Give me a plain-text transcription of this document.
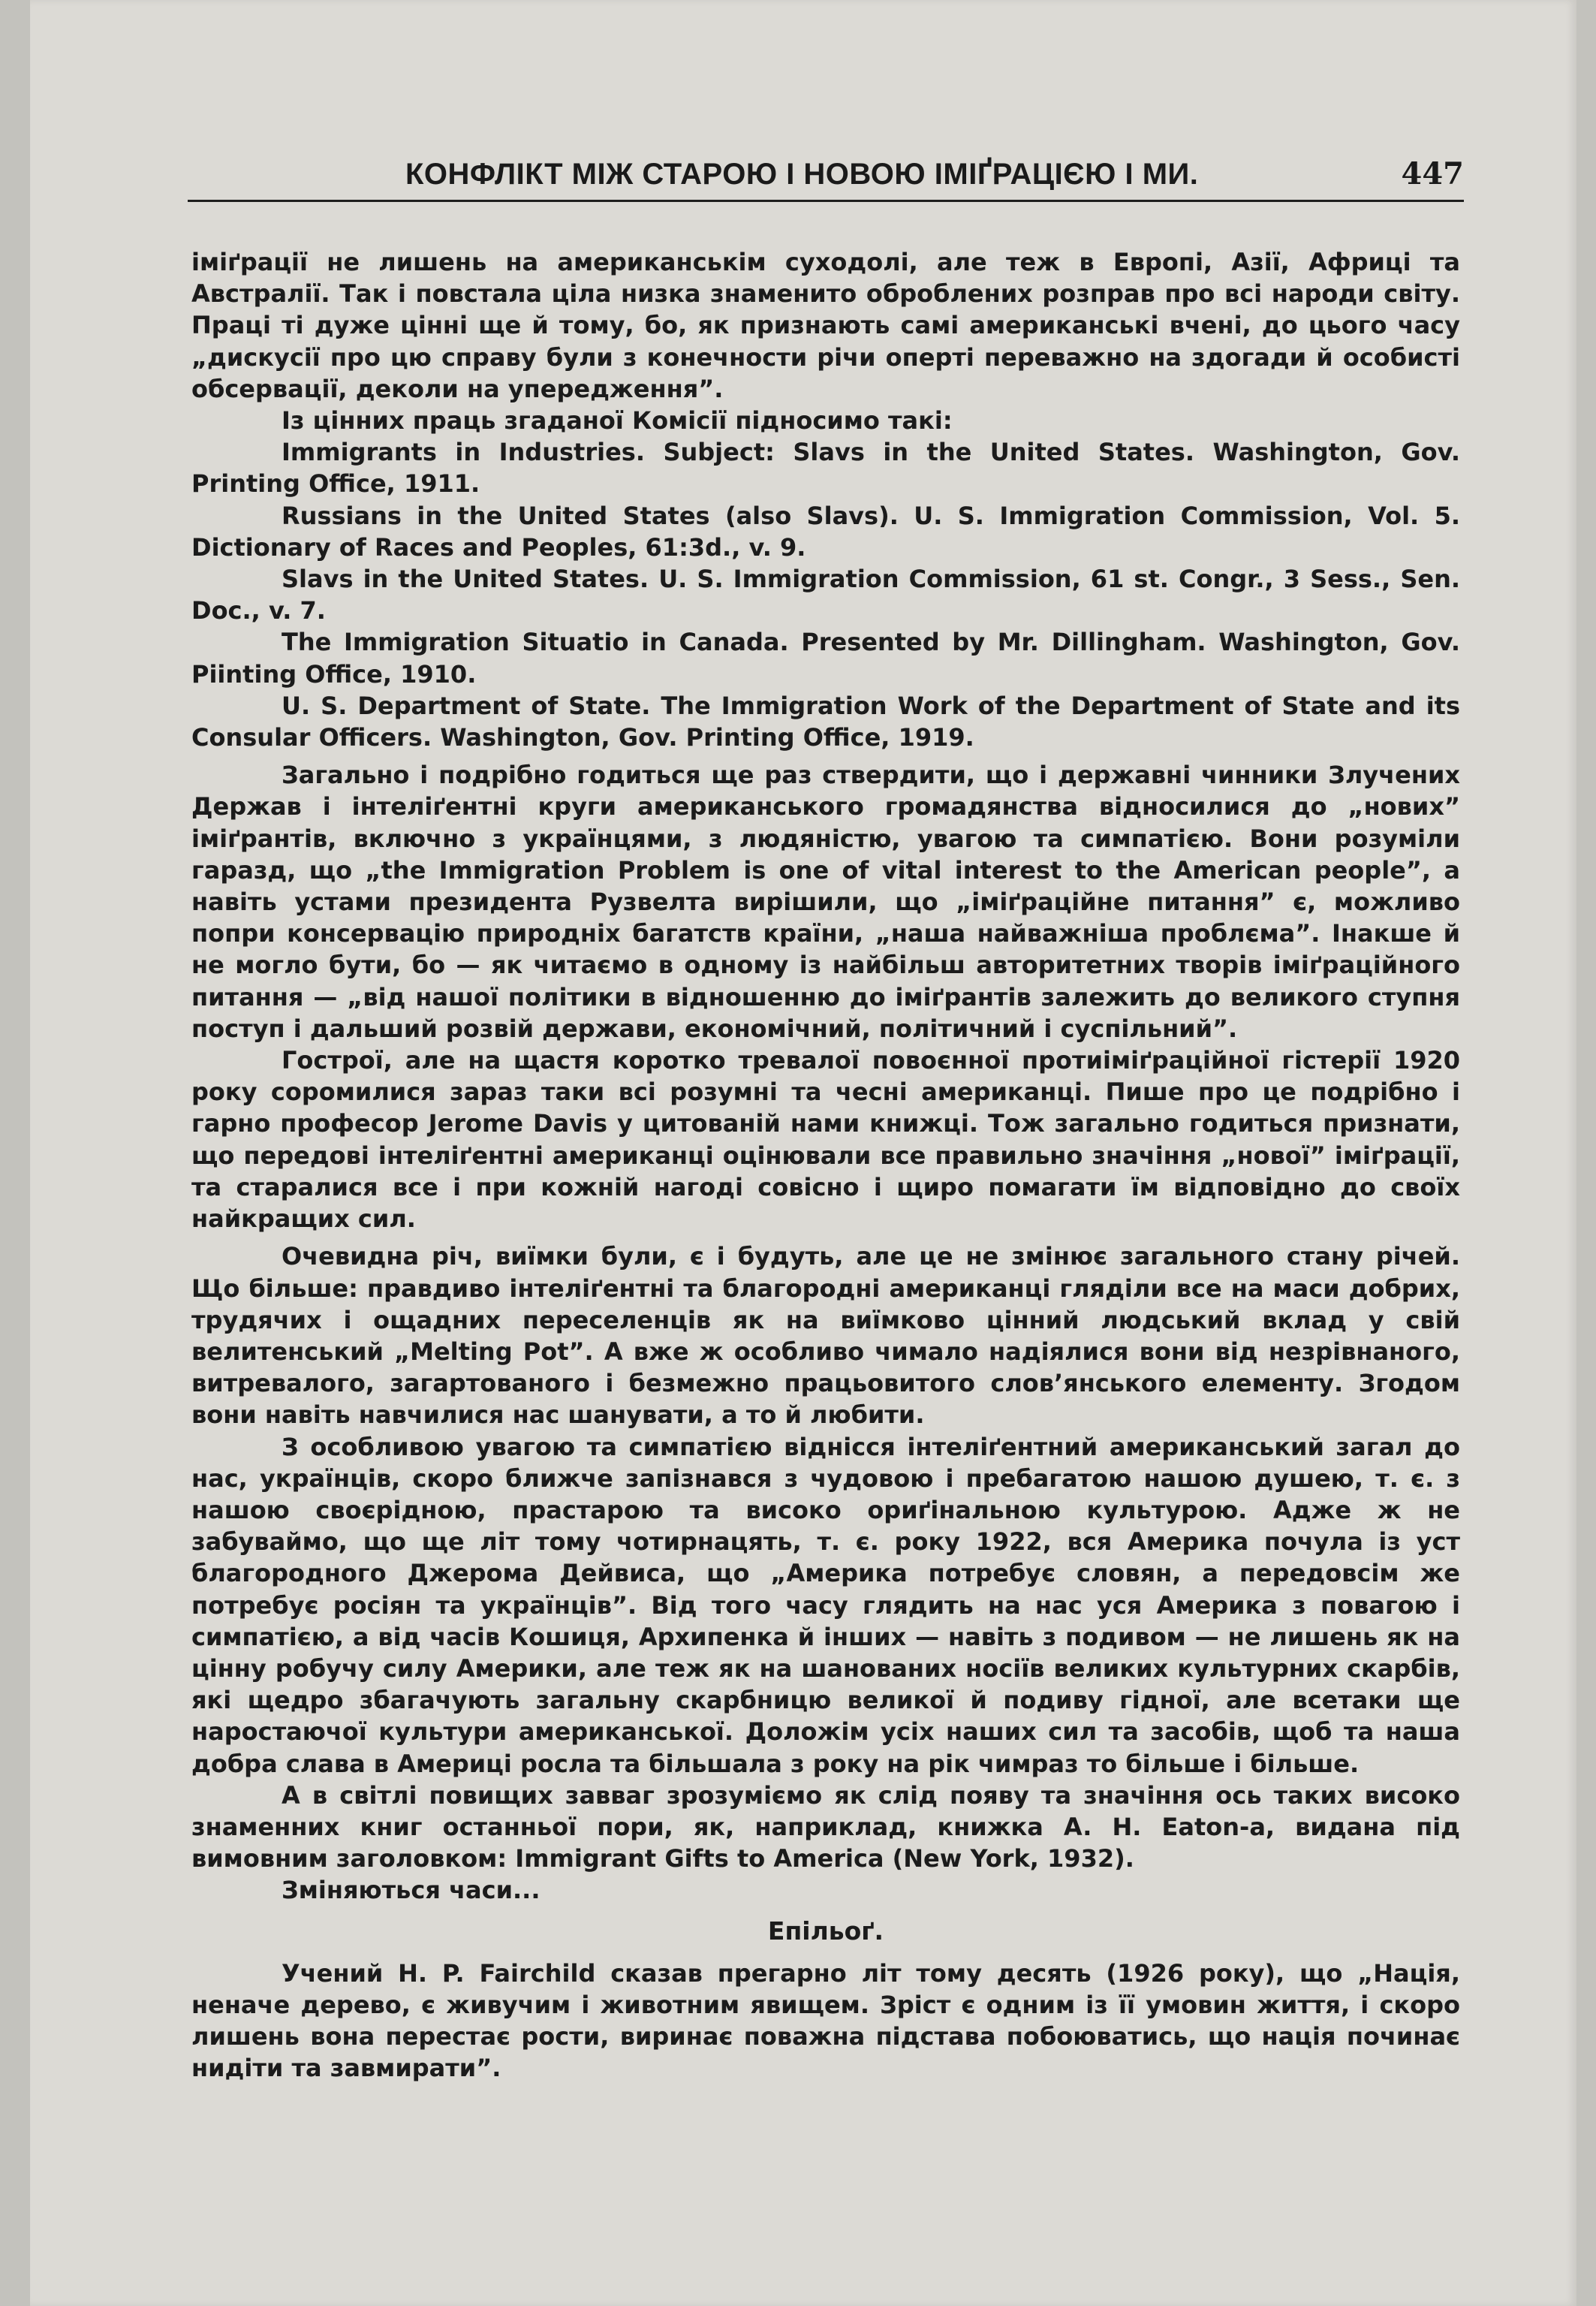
КОНФЛІКТ МІЖ СТАРОЮ І НОВОЮ ІМІҐРАЦІЄЮ І МИ.	447

іміґрації не лишень на американськім суходолі, але теж в Европі, Азії, Африці та Австралії. Так і повстала ціла низка знаменито оброблених розправ про всі народи світу. Праці ті дуже цінні ще й тому, бо, як признають самі американські вчені, до цього часу „дискусії про цю справу були з конечности річи оперті переважно на здогади й особисті обсервації, деколи на упередження”.

Із цінних праць згаданої Комісії підносимо такі:

Immigrants in Industries. Subject: Slavs in the United States. Washington, Gov. Printing Office, 1911.

Russians in the United States (also Slavs). U. S. Immigration Commission, Vol. 5. Dictionary of Races and Peoples, 61:3d., v. 9.

Slavs in the United States. U. S. Immigration Commission, 61 st. Congr., 3 Sess., Sen. Doc., v. 7.

The Immigration Situatio in Canada. Presented by Mr. Dillingham. Washington, Gov. Piinting Office, 1910.

U. S. Department of State. The Immigration Work of the Department of State and its Consular Officers. Washington, Gov. Printing Office, 1919.

Загально і подрібно годиться ще раз ствердити, що і державні чинники Злучених Держав і інтеліґентні круги американського громадянства відносилися до „нових” іміґрантів, включно з українцями, з людяністю, увагою та симпатією. Вони розуміли гаразд, що „the Immigration Problem is one of vital interest to the American people”, а навіть устами президента Рузвелта вирішили, що „іміґраційне питання” є, можливо попри консервацію природніх багатств країни, „наша найважніша проблєма”. Інакше й не могло бути, бо — як читаємо в одному із найбільш авторитетних творів іміґраційного питання — „від нашої політики в відношенню до іміґрантів залежить до великого ступня поступ і дальший розвій держави, економічний, політичний і суспільний”.

Гострої, але на щастя коротко тревалої повоєнної протиіміґраційної гістерії 1920 року соромилися зараз таки всі розумні та чесні американці. Пише про це подрібно і гарно професор Jerome Davis у цитованій нами книжці. Тож загально годиться признати, що передові інтеліґентні американці оцінювали все правильно значіння „нової” іміґрації, та старалися все і при кожній нагоді совісно і щиро помагати їм відповідно до своїх найкращих сил.

Очевидна річ, виїмки були, є і будуть, але це не змінює загального стану річей. Що більше: правдиво інтеліґентні та благородні американці гляділи все на маси добрих, трудячих і ощадних переселенців як на виїмково цінний людський вклад у свій велитенський „Melting Pot”. А вже ж особливо чимало надіялися вони від незрівнаного, витревалого, загартованого і безмежно працьовитого слов’янського елементу. Згодом вони навіть навчилися нас шанувати, а то й любити.

З особливою увагою та симпатією віднісся інтеліґентний американський загал до нас, українців, скоро ближче запізнався з чудовою і пребагатою нашою душею, т. є. з нашою своєрідною, прастарою та високо ориґінальною культурою. Адже ж не забуваймо, що ще літ тому чотирнацять, т. є. року 1922, вся Америка почула із уст благородного Джерома Дейвиса, що „Америка потребує словян, а передовсім же потребує росіян та українців”. Від того часу глядить на нас уся Америка з повагою і симпатією, а від часів Кошиця, Архипенка й інших — навіть з подивом — не лишень як на цінну робучу силу Америки, але теж як на шанованих носіїв великих культурних скарбів, які щедро збагачують загальну скарбницю великої й подиву гідної, але всетаки ще наростаючої культури американської. Доложім усіх наших сил та засобів, щоб та наша добра слава в Америці росла та більшала з року на рік чимраз то більше і більше.

А в світлі повищих завваг зрозуміємо як слід появу та значіння ось таких високо знаменних книг останньої пори, як, наприклад, книжка A. H. Eaton-a, видана під вимовним заголовком: Immigrant Gifts to America (New York, 1932).

Зміняються часи...

Епільоґ.

Учений H. P. Fairchild сказав прегарно літ тому десять (1926 року), що „Нація, неначе дерево, є живучим і животним явищем. Зріст є одним із її умовин життя, і скоро лишень вона перестає рости, виринає поважна підстава побоюватись, що нація починає нидіти та завмирати”.
